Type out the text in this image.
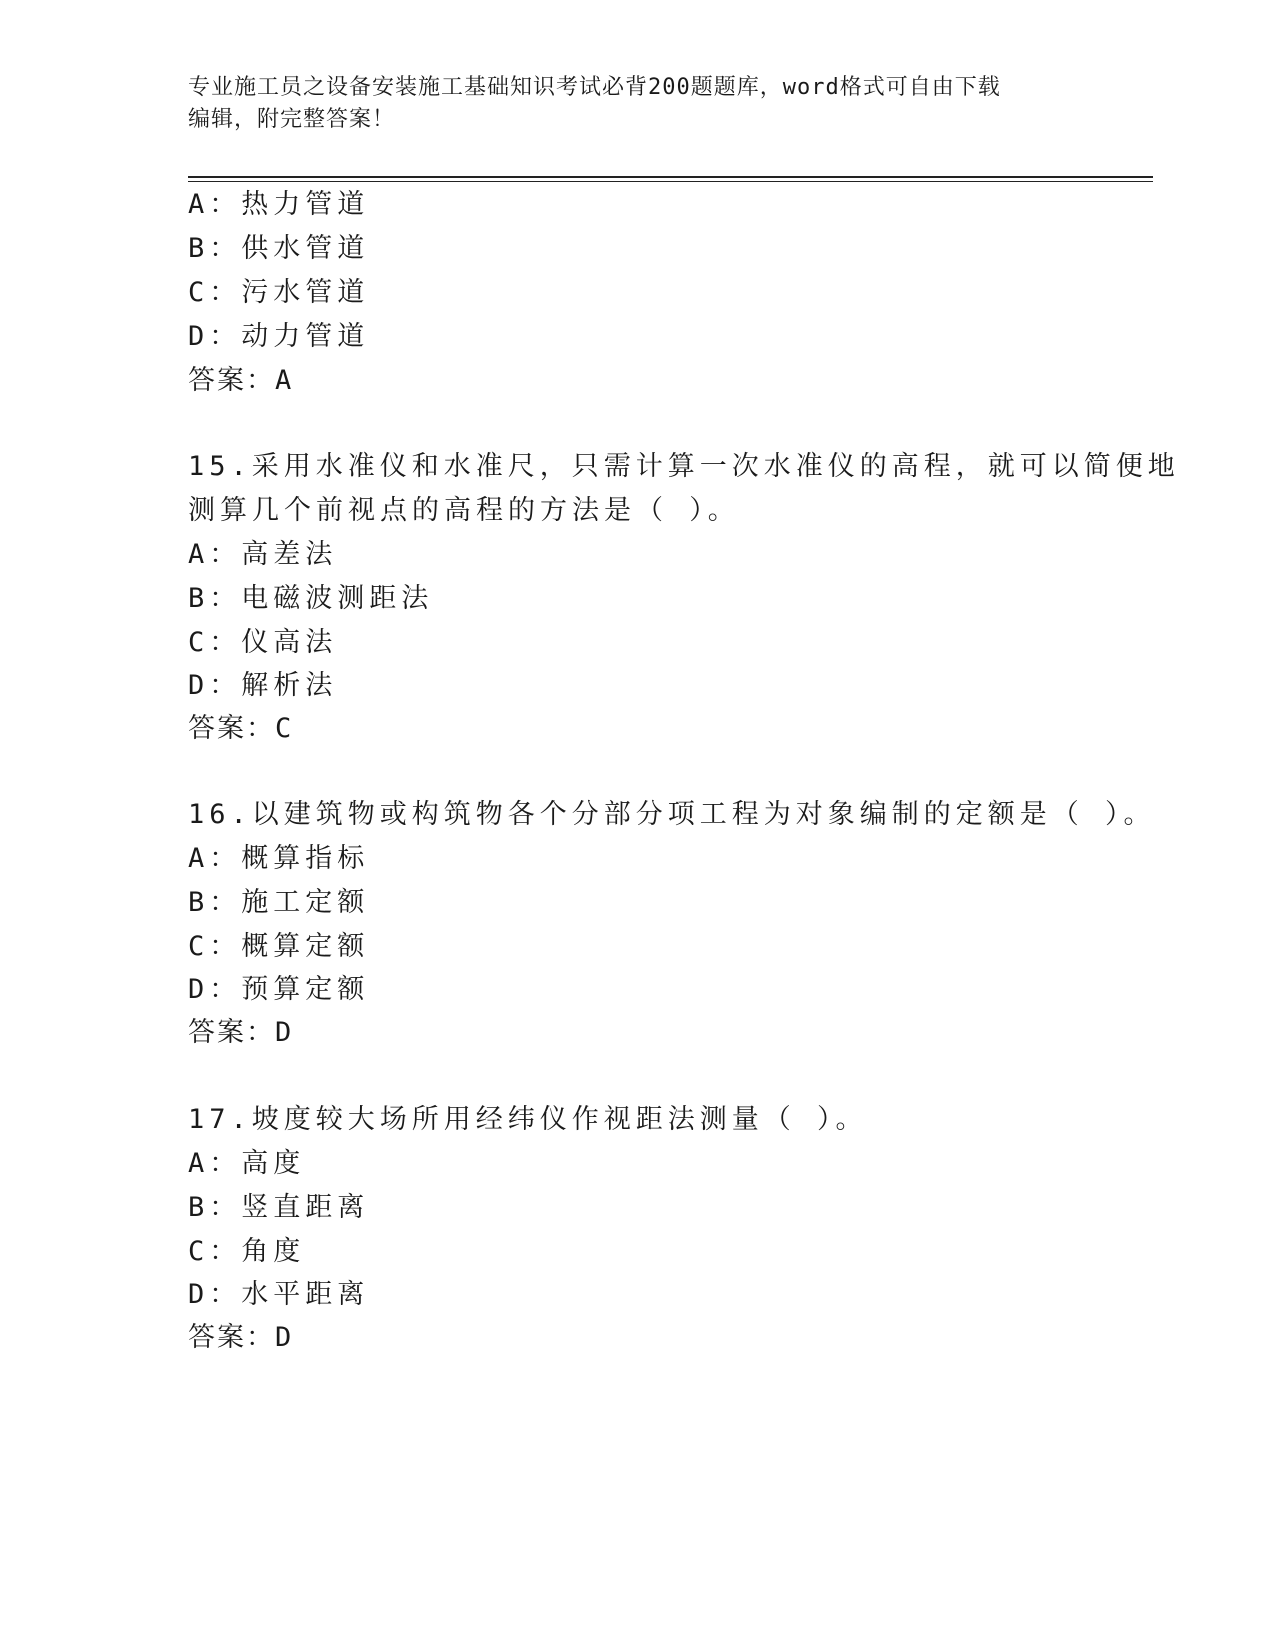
专业施工员之设备安装施工基础知识考试必背200题题库，word格式可自由下载
编辑，附完整答案！
A：热力管道
B：供水管道
C：污水管道
D：动力管道
答案：A
15.采用水准仪和水准尺，只需计算一次水准仪的高程，就可以简便地
测算几个前视点的高程的方法是（ ）。
A：高差法
B：电磁波测距法
C：仪高法
D：解析法
答案：C
16.以建筑物或构筑物各个分部分项工程为对象编制的定额是（ ）。
A：概算指标
B：施工定额
C：概算定额
D：预算定额
答案：D
17.坡度较大场所用经纬仪作视距法测量（ ）。
A：高度
B：竖直距离
C：角度
D：水平距离
答案：D
